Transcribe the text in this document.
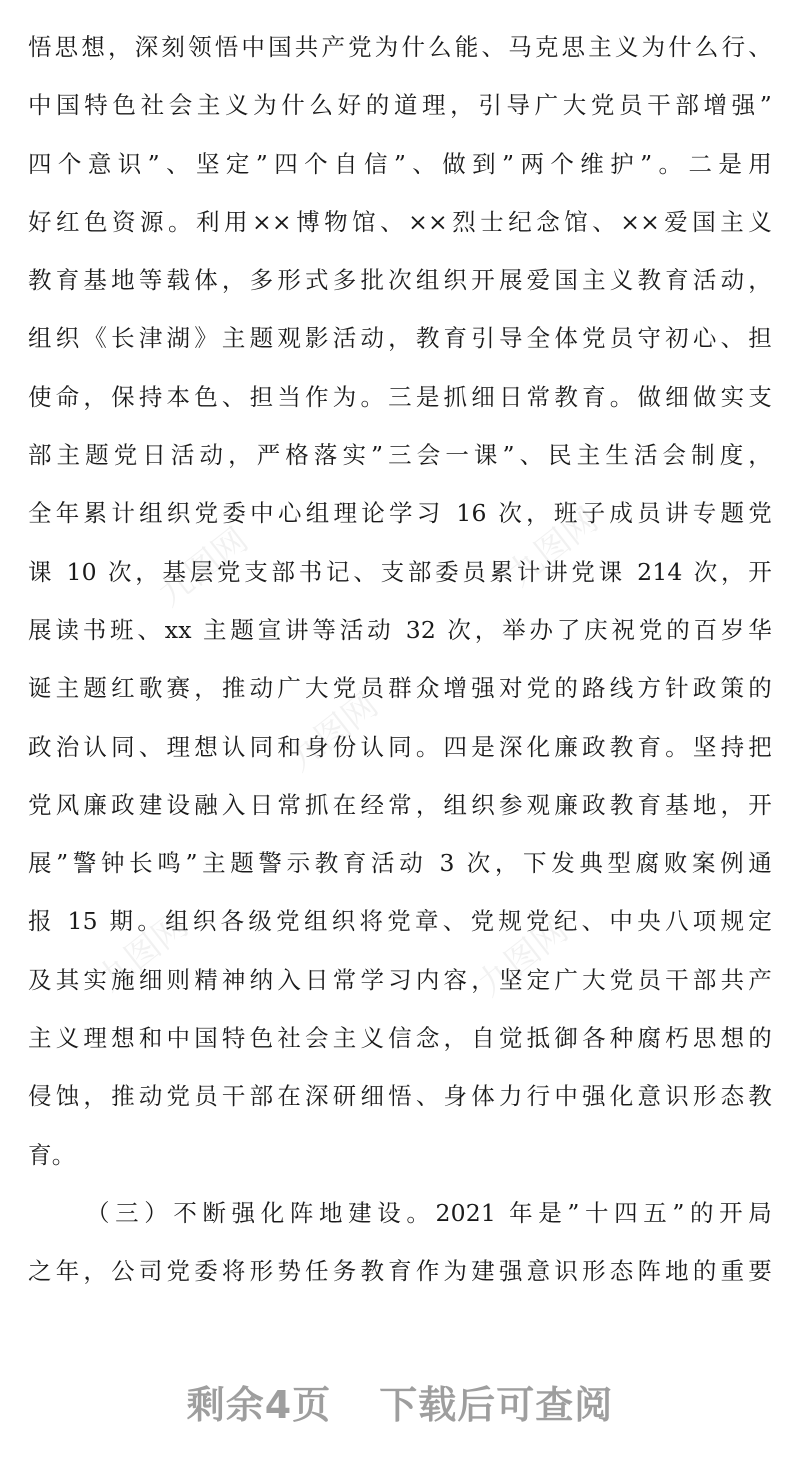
九图网	九图网
九图网
九图网	九图网
悟思想，深刻领悟中国共产党为什么能、马克思主义为什么行、
中国特色社会主义为什么好的道理，引导广大党员干部增强”
四个意识”、坚定”四个自信”、做到”两个维护”。二是用
好红色资源。利用××博物馆、××烈士纪念馆、××爱国主义
教育基地等载体，多形式多批次组织开展爱国主义教育活动，
组织《长津湖》主题观影活动，教育引导全体党员守初心、担
使命，保持本色、担当作为。三是抓细日常教育。做细做实支
部主题党日活动，严格落实”三会一课”、民主生活会制度，
全年累计组织党委中心组理论学习 16 次，班子成员讲专题党
课 10 次，基层党支部书记、支部委员累计讲党课 214 次，开
展读书班、xx 主题宣讲等活动 32 次，举办了庆祝党的百岁华
诞主题红歌赛，推动广大党员群众增强对党的路线方针政策的
政治认同、理想认同和身份认同。四是深化廉政教育。坚持把
党风廉政建设融入日常抓在经常，组织参观廉政教育基地，开
展”警钟长鸣”主题警示教育活动 3 次，下发典型腐败案例通
报 15 期。组织各级党组织将党章、党规党纪、中央八项规定
及其实施细则精神纳入日常学习内容，坚定广大党员干部共产
主义理想和中国特色社会主义信念，自觉抵御各种腐朽思想的
侵蚀，推动党员干部在深研细悟、身体力行中强化意识形态教
育。
（三）不断强化阵地建设。2021 年是”十四五”的开局
之年，公司党委将形势任务教育作为建强意识形态阵地的重要
剩余4页 下载后可查阅
